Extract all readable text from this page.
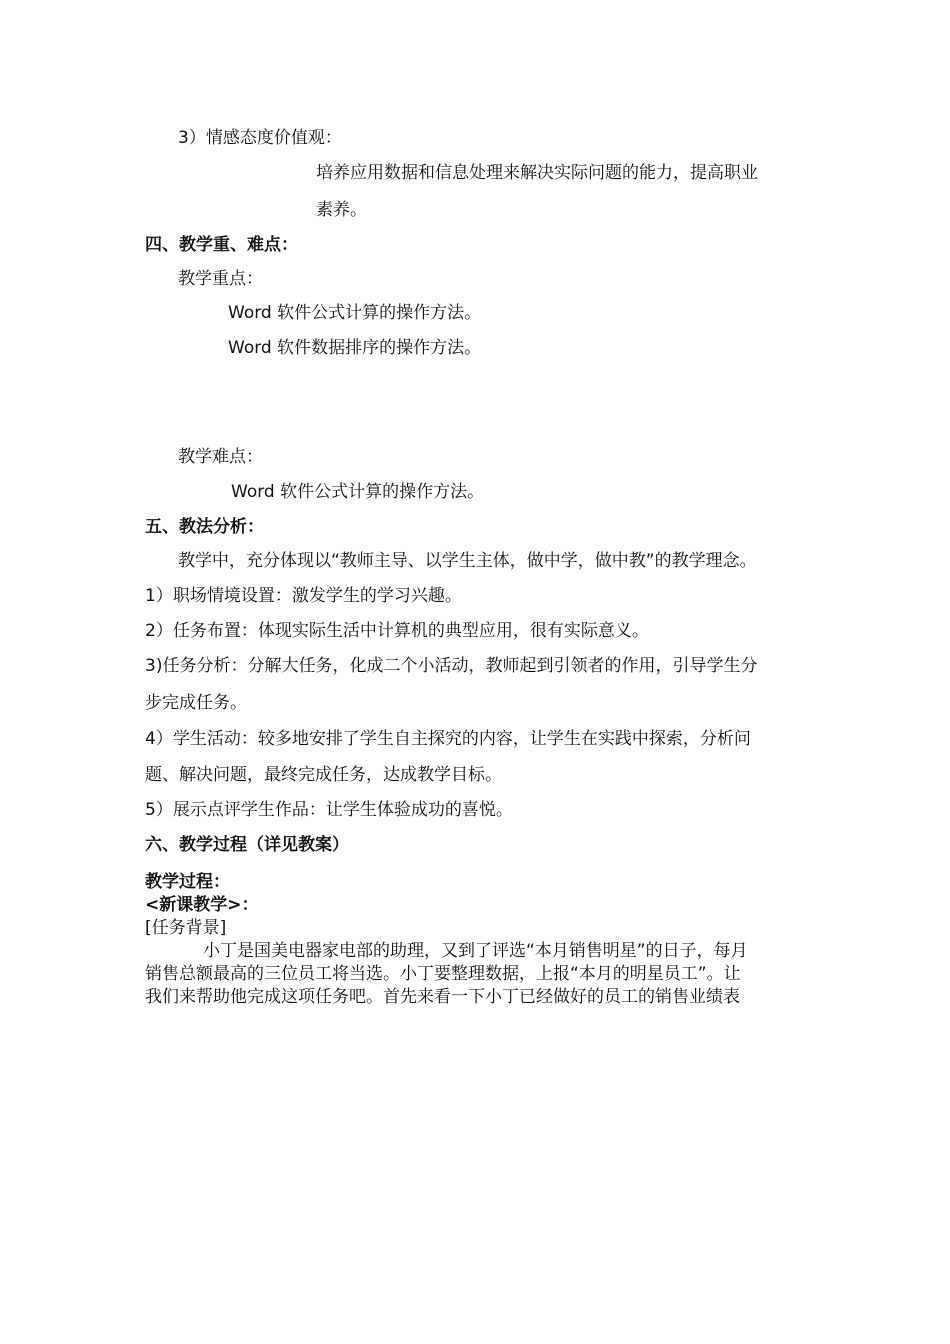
3）情感态度价值观：
培养应用数据和信息处理来解决实际问题的能力，提高职业
素养。
四、教学重、难点：
教学重点：
Word 软件公式计算的操作方法。
Word 软件数据排序的操作方法。
教学难点：
Word 软件公式计算的操作方法。
五、教法分析：
教学中，充分体现以“教师主导、以学生主体，做中学，做中教”的教学理念。
1）职场情境设置：激发学生的学习兴趣。
2）任务布置：体现实际生活中计算机的典型应用，很有实际意义。
3)任务分析：分解大任务，化成二个小活动，教师起到引领者的作用，引导学生分
步完成任务。
4）学生活动：较多地安排了学生自主探究的内容，让学生在实践中探索，分析问
题、解决问题，最终完成任务，达成教学目标。
5）展示点评学生作品：让学生体验成功的喜悦。
六、教学过程（详见教案）
教学过程：
<新课教学>：
[任务背景]
小丁是国美电器家电部的助理，又到了评选“本月销售明星”的日子，每月
销售总额最高的三位员工将当选。小丁要整理数据，上报“本月的明星员工”。让
我们来帮助他完成这项任务吧。首先来看一下小丁已经做好的员工的销售业绩表
